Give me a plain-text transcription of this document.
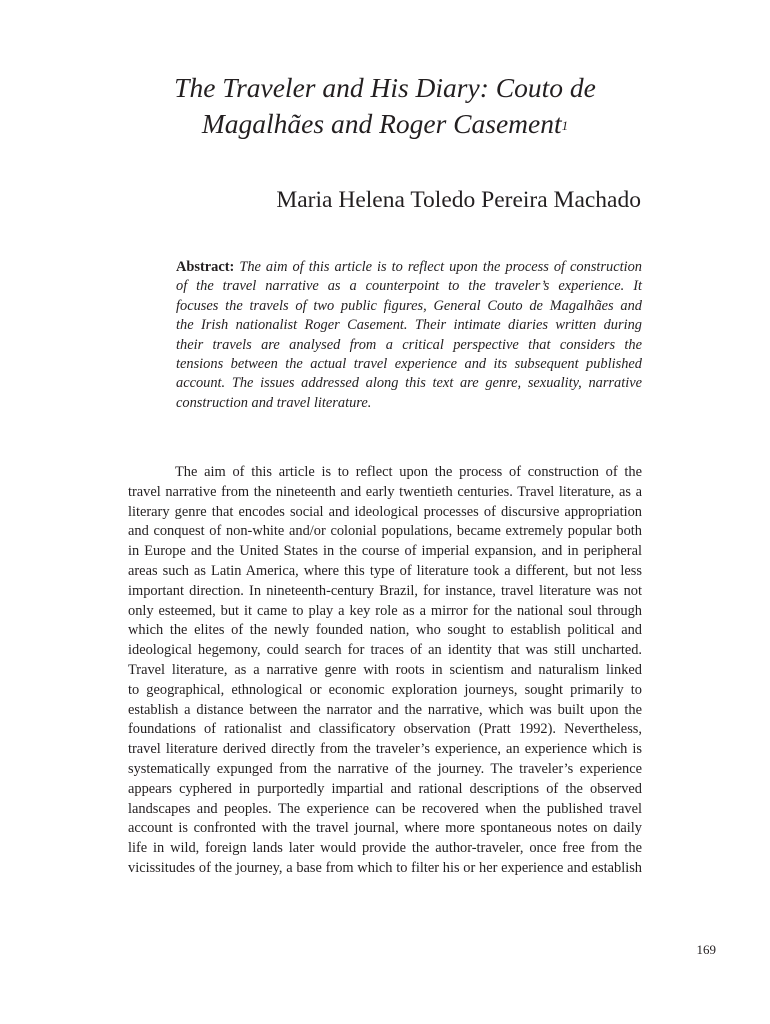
The Traveler and His Diary: Couto de
Magalhães and Roger Casement$^1$

Maria Helena Toledo Pereira Machado

Abstract: The aim of this article is to reflect upon the process of construction
of the travel narrative as a counterpoint to the traveler’s experience. It
focuses the travels of two public figures, General Couto de Magalhães and
the Irish nationalist Roger Casement. Their intimate diaries written during
their travels are analysed from a critical perspective that considers the
tensions between the actual travel experience and its subsequent published
account. The issues addressed along this text are genre, sexuality, narrative
construction and travel literature.
The aim of this article is to reflect upon the process of construction of the
travel narrative from the nineteenth and early twentieth centuries. Travel literature, as a
literary genre that encodes social and ideological processes of discursive appropriation
and conquest of non-white and/or colonial populations, became extremely popular both
in Europe and the United States in the course of imperial expansion, and in peripheral
areas such as Latin America, where this type of literature took a different, but not less
important direction. In nineteenth-century Brazil, for instance, travel literature was not
only esteemed, but it came to play a key role as a mirror for the national soul through
which the elites of the newly founded nation, who sought to establish political and
ideological hegemony, could search for traces of an identity that was still uncharted.
Travel literature, as a narrative genre with roots in scientism and naturalism linked
to geographical, ethnological or economic exploration journeys, sought primarily to
establish a distance between the narrator and the narrative, which was built upon the
foundations of rationalist and classificatory observation (Pratt 1992). Nevertheless,
travel literature derived directly from the traveler’s experience, an experience which is
systematically expunged from the narrative of the journey. The traveler’s experience
appears cyphered in purportedly impartial and rational descriptions of the observed
landscapes and peoples. The experience can be recovered when the published travel
account is confronted with the travel journal, where more spontaneous notes on daily
life in wild, foreign lands later would provide the author-traveler, once free from the
vicissitudes of the journey, a base from which to filter his or her experience and establish
169
